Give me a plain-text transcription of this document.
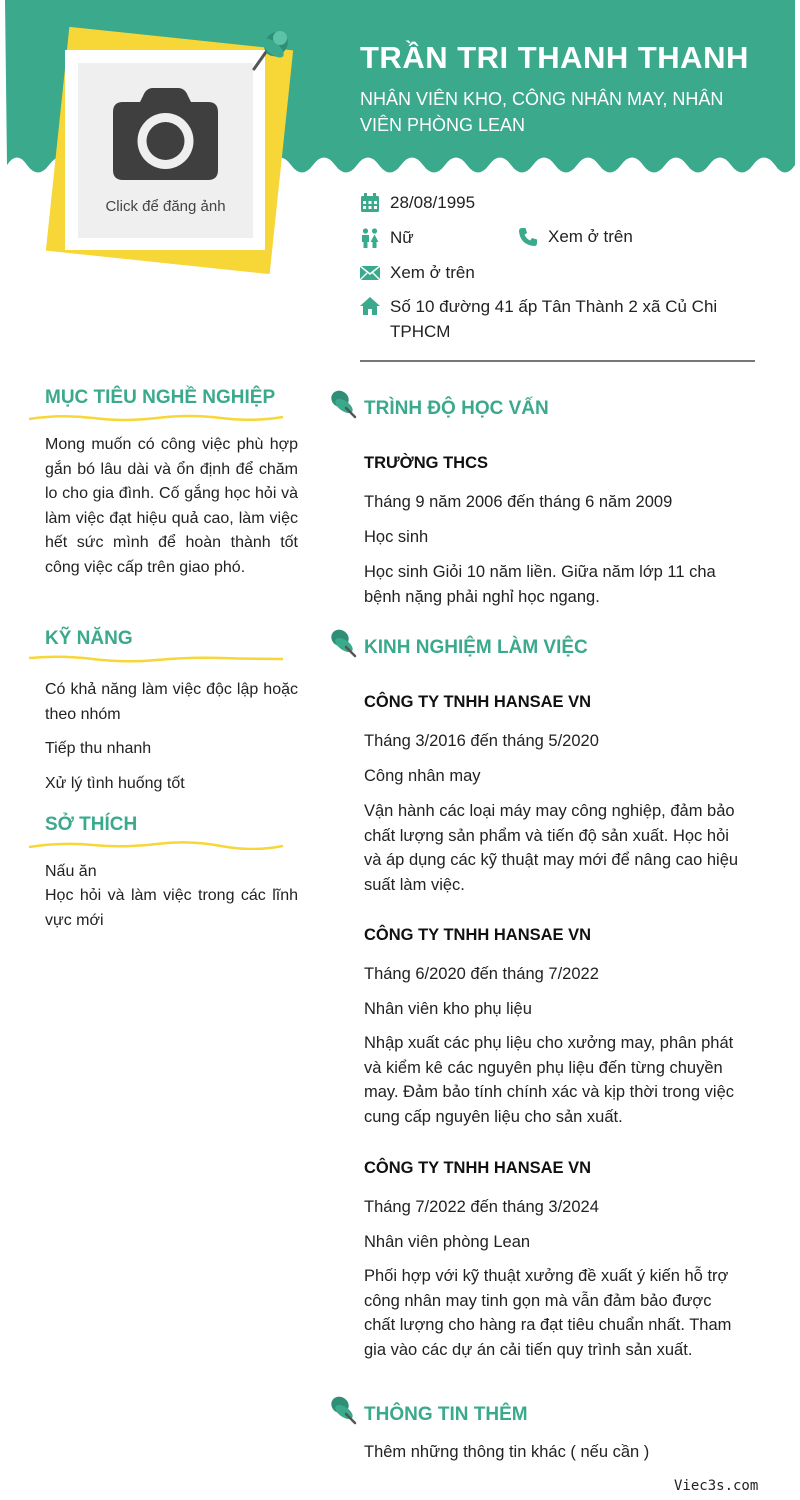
Click để đăng ảnh
TRẦN TRI THANH THANH
NHÂN VIÊN KHO, CÔNG NHÂN MAY, NHÂN VIÊN PHÒNG LEAN
28/08/1995
Nữ	Xem ở trên
Xem ở trên
Số 10 đường 41 ấp Tân Thành 2 xã Củ Chi TPHCM
MỤC TIÊU NGHỀ NGHIỆP
Mong muốn có công việc phù hợp gắn bó lâu dài và ổn định để chăm lo cho gia đình. Cố gắng học hỏi và làm việc đạt hiệu quả cao, làm việc hết sức mình để hoàn thành tốt công việc cấp trên giao phó.
KỸ NĂNG
Có khả năng làm việc độc lập hoặc theo nhóm
Tiếp thu nhanh
Xử lý tình huống tốt
SỞ THÍCH
Nấu ăn
Học hỏi và làm việc trong các lĩnh vực mới
TRÌNH ĐỘ HỌC VẤN
TRƯỜNG THCS
Tháng 9 năm 2006 đến tháng 6 năm 2009
Học sinh
Học sinh Giỏi 10 năm liền. Giữa năm lớp 11 cha bệnh nặng phải nghỉ học ngang.
KINH NGHIỆM LÀM VIỆC
CÔNG TY TNHH HANSAE VN
Tháng 3/2016 đến tháng 5/2020
Công nhân may
Vận hành các loại máy may công nghiệp, đảm bảo chất lượng sản phẩm và tiến độ sản xuất. Học hỏi và áp dụng các kỹ thuật may mới để nâng cao hiệu suất làm việc.
CÔNG TY TNHH HANSAE VN
Tháng 6/2020 đến tháng 7/2022
Nhân viên kho phụ liệu
Nhập xuất các phụ liệu cho xưởng may, phân phát và kiểm kê các nguyên phụ liệu đến từng chuyền may. Đảm bảo tính chính xác và kịp thời trong việc cung cấp nguyên liệu cho sản xuất.
CÔNG TY TNHH HANSAE VN
Tháng 7/2022 đến tháng 3/2024
Nhân viên phòng Lean
Phối hợp với kỹ thuật xưởng đề xuất ý kiến hỗ trợ công nhân may tinh gọn mà vẫn đảm bảo được chất lượng cho hàng ra đạt tiêu chuẩn nhất. Tham gia vào các dự án cải tiến quy trình sản xuất.
THÔNG TIN THÊM
Thêm những thông tin khác ( nếu cần )
Viec3s.com
